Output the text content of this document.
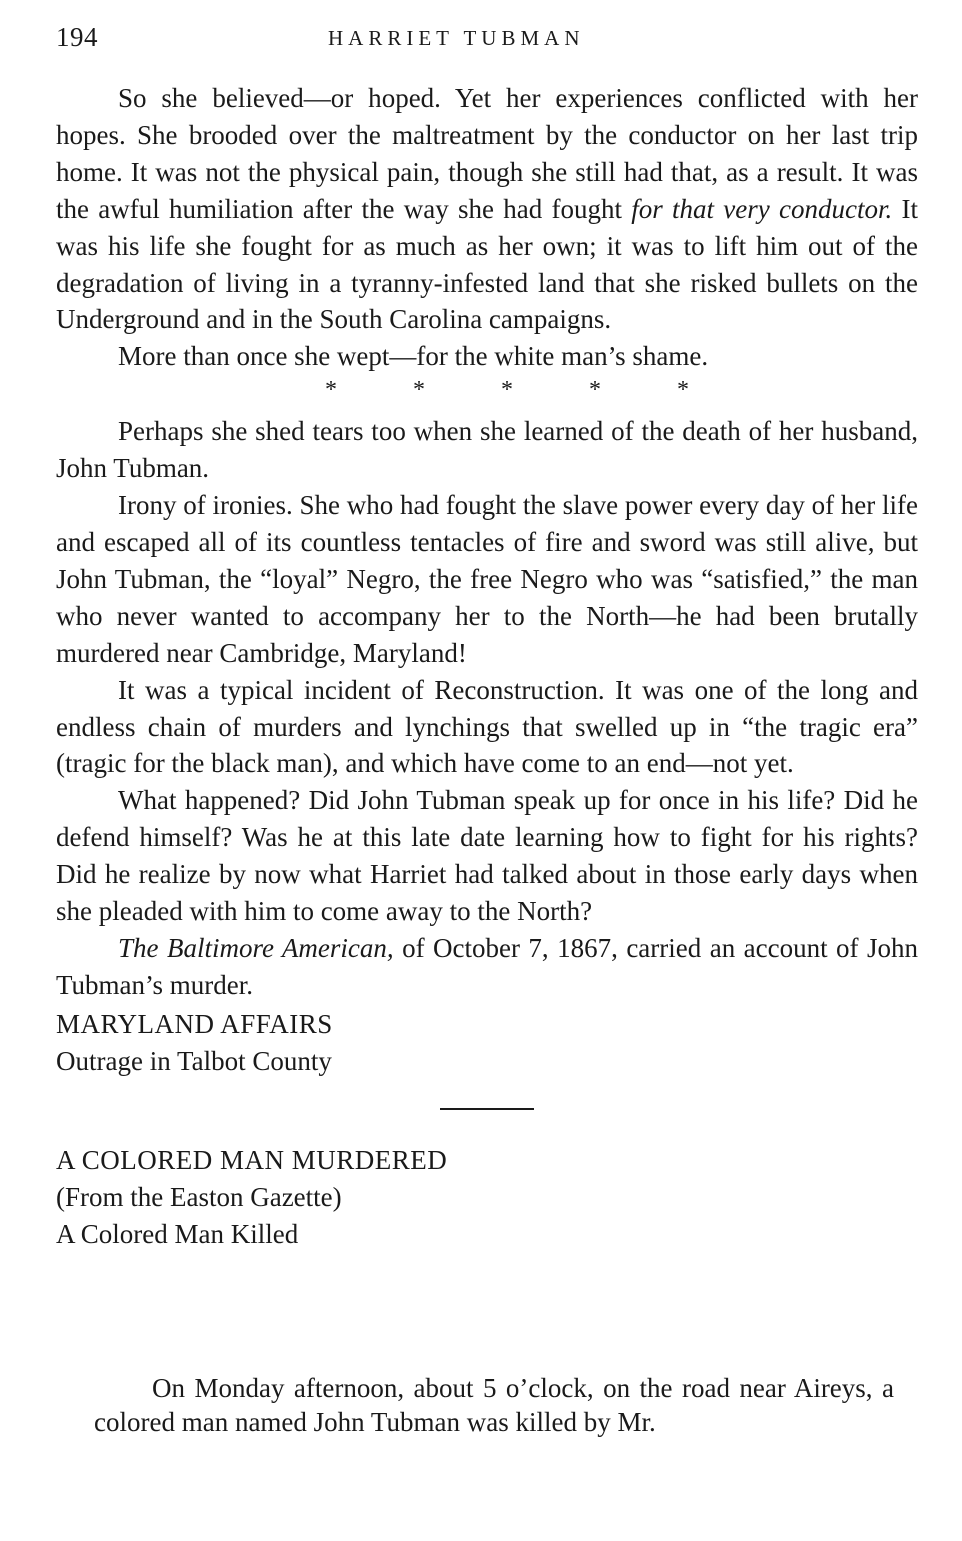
194	HARRIET TUBMAN

So she believed—or hoped. Yet her experiences conflicted with her hopes. She brooded over the maltreatment by the conductor on her last trip home. It was not the physical pain, though she still had that, as a result. It was the awful humiliation after the way she had fought for that very conductor. It was his life she fought for as much as her own; it was to lift him out of the degradation of living in a tyranny-infested land that she risked bullets on the Underground and in the South Carolina campaigns.

More than once she wept—for the white man’s shame.

* * * * *

Perhaps she shed tears too when she learned of the death of her husband, John Tubman.

Irony of ironies. She who had fought the slave power every day of her life and escaped all of its countless tentacles of fire and sword was still alive, but John Tubman, the “loyal” Negro, the free Negro who was “satisfied,” the man who never wanted to accompany her to the North—he had been brutally murdered near Cambridge, Maryland!

It was a typical incident of Reconstruction. It was one of the long and endless chain of murders and lynchings that swelled up in “the tragic era” (tragic for the black man), and which have come to an end—not yet.

What happened? Did John Tubman speak up for once in his life? Did he defend himself? Was he at this late date learning how to fight for his rights? Did he realize by now what Harriet had talked about in those early days when she pleaded with him to come away to the North?

The Baltimore American, of October 7, 1867, carried an account of John Tubman’s murder.

MARYLAND AFFAIRS

Outrage in Talbot County

A COLORED MAN MURDERED

(From the Easton Gazette)

A Colored Man Killed

On Monday afternoon, about 5 o’clock, on the road near Aireys, a colored man named John Tubman was killed by Mr.
